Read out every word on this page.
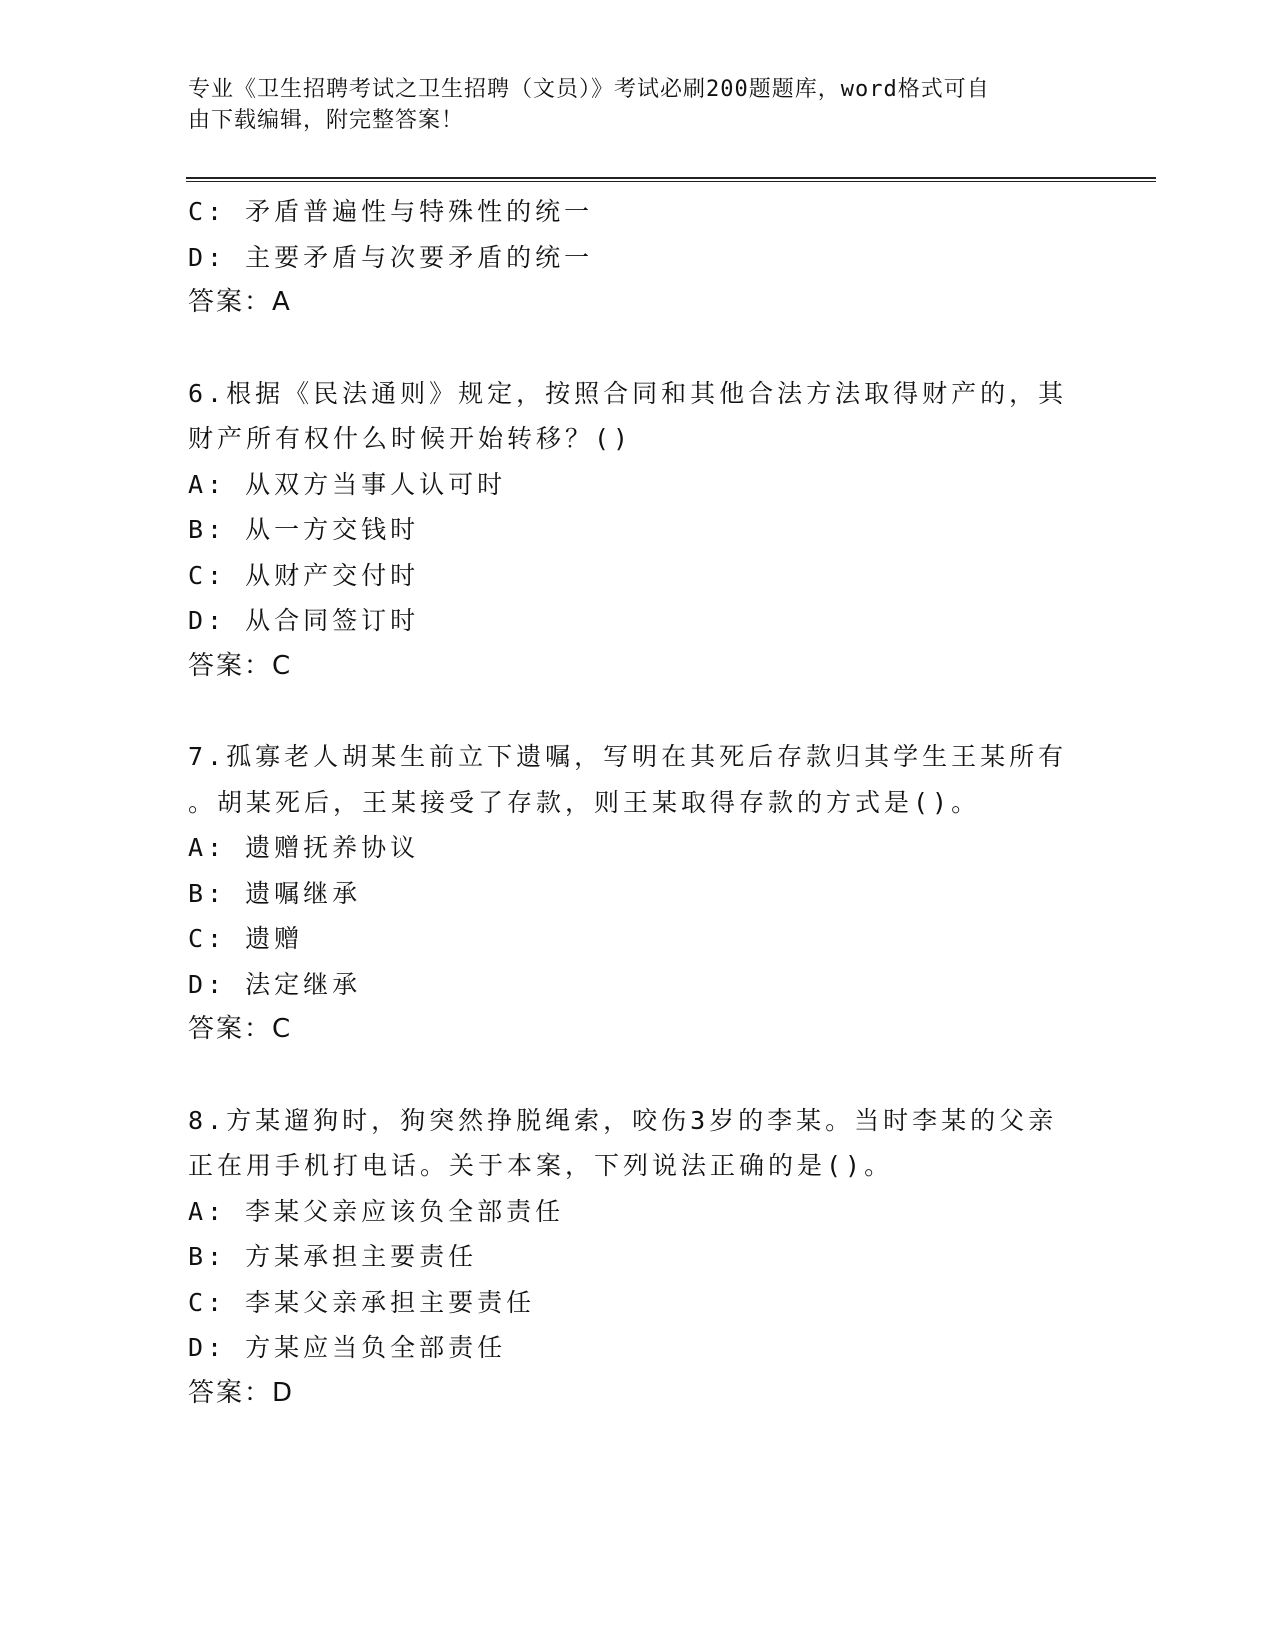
专业《卫生招聘考试之卫生招聘（文员）》考试必刷200题题库，word格式可自
由下载编辑，附完整答案！
C: 矛盾普遍性与特殊性的统一
D: 主要矛盾与次要矛盾的统一
答案：A
6.根据《民法通则》规定，按照合同和其他合法方法取得财产的，其
财产所有权什么时候开始转移？()
A: 从双方当事人认可时
B: 从一方交钱时
C: 从财产交付时
D: 从合同签订时
答案：C
7.孤寡老人胡某生前立下遗嘱，写明在其死后存款归其学生王某所有
。胡某死后，王某接受了存款，则王某取得存款的方式是()。
A: 遗赠抚养协议
B: 遗嘱继承
C: 遗赠
D: 法定继承
答案：C
8.方某遛狗时，狗突然挣脱绳索，咬伤3岁的李某。当时李某的父亲
正在用手机打电话。关于本案，下列说法正确的是()。
A: 李某父亲应该负全部责任
B: 方某承担主要责任
C: 李某父亲承担主要责任
D: 方某应当负全部责任
答案：D
